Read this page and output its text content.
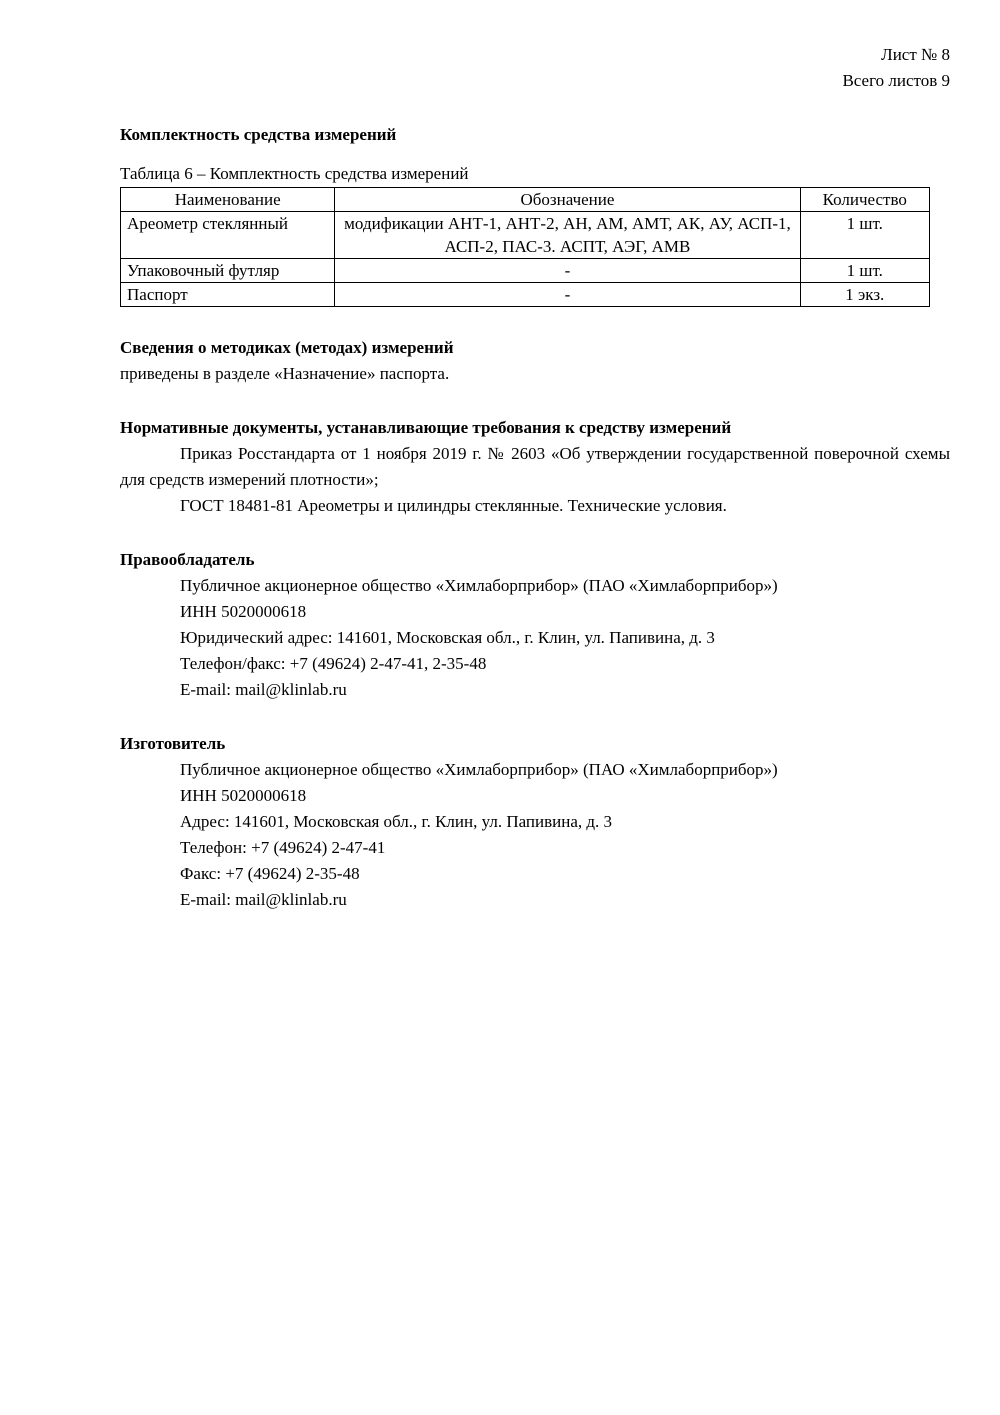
Лист № 8
Всего листов 9
Комплектность средства измерений

Таблица 6 – Комплектность средства измерений

Наименование	Обозначение	Количество
Ареометр стеклянный	модификации АНТ-1, АНТ-2, АН, АМ, АМТ, АК, АУ, АСП-1, АСП-2, ПАС-3. АСПТ, АЭГ, АМВ	1 шт.
Упаковочный футляр	-	1 шт.
Паспорт	-	1 экз.
Сведения о методиках (методах) измерений

приведены в разделе «Назначение» паспорта.

Нормативные документы, устанавливающие требования к средству измерений

Приказ Росстандарта от 1 ноября 2019 г. № 2603 «Об утверждении государственной поверочной схемы для средств измерений плотности»;

ГОСТ 18481-81 Ареометры и цилиндры стеклянные. Технические условия.

Правообладатель
Публичное акционерное общество «Химлаборприбор» (ПАО «Химлаборприбор»)
ИНН 5020000618
Юридический адрес: 141601, Московская обл., г. Клин, ул. Папивина, д. 3
Телефон/факс: +7 (49624) 2-47-41, 2-35-48
E-mail: mail@klinlab.ru
Изготовитель
Публичное акционерное общество «Химлаборприбор» (ПАО «Химлаборприбор»)
ИНН 5020000618
Адрес: 141601, Московская обл., г. Клин, ул. Папивина, д. 3
Телефон: +7 (49624) 2-47-41
Факс: +7 (49624) 2-35-48
E-mail: mail@klinlab.ru
